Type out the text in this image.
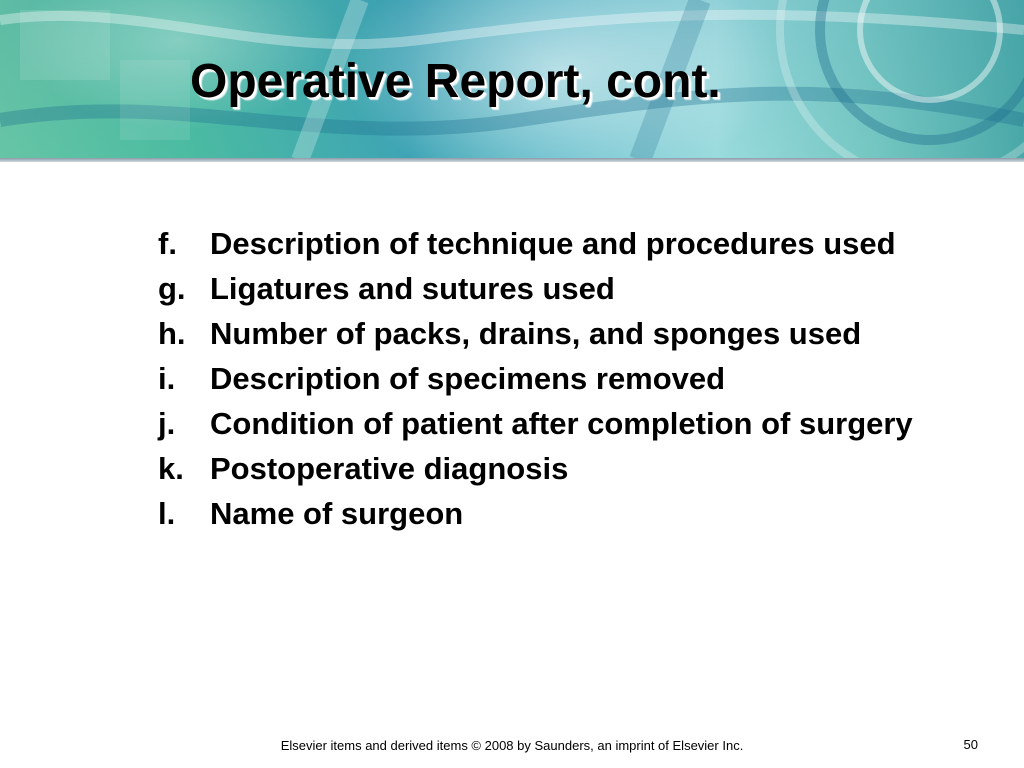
Operative Report, cont.
f.	Description of technique and procedures used
g. Ligatures and sutures used
h. Number of packs, drains, and sponges used
i.	Description of specimens removed
j.	Condition of patient after completion of surgery
k. Postoperative diagnosis
l.	Name of surgeon
Elsevier items and derived items © 2008 by Saunders, an imprint of Elsevier Inc.	50
